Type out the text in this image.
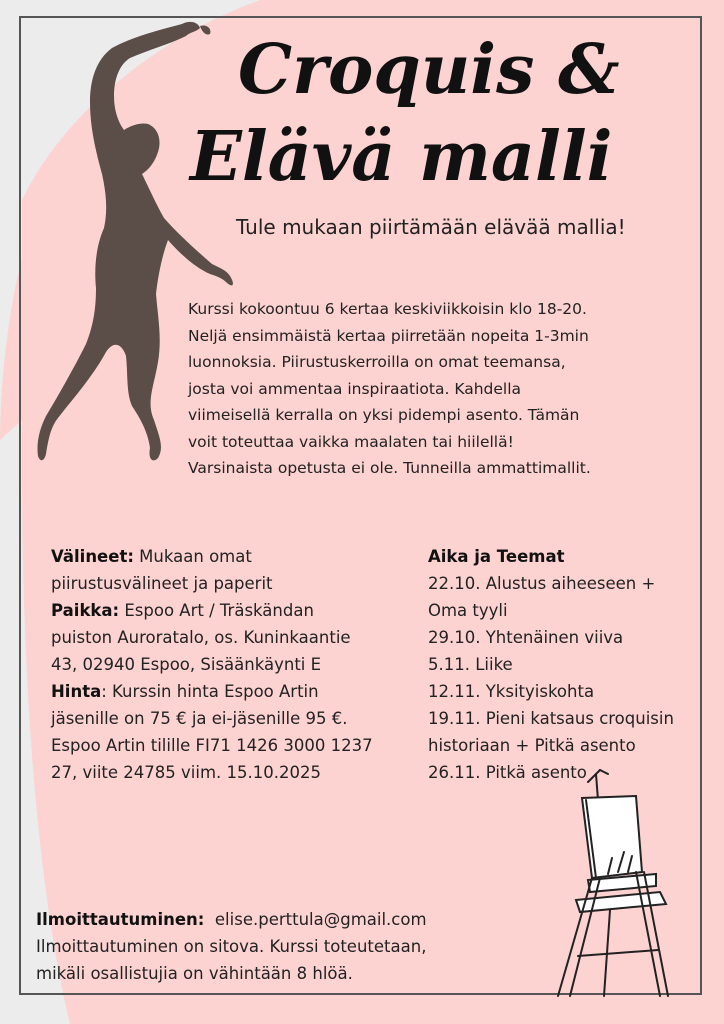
Croquis &
Elävä malli
Tule mukaan piirtämään elävää mallia!

Kurssi kokoontuu 6 kertaa keskiviikkoisin klo 18-20.
Neljä ensimmäistä kertaa piirretään nopeita 1-3min
luonnoksia. Piirustuskerroilla on omat teemansa,
josta voi ammentaa inspiraatiota. Kahdella
viimeisellä kerralla on yksi pidempi asento. Tämän
voit toteuttaa vaikka maalaten tai hiilellä!
Varsinaista opetusta ei ole. Tunneilla ammattimallit.

Välineet: Mukaan omat
piirustusvälineet ja paperit
Paikka: Espoo Art / Träskändan
puiston Auroratalo, os. Kuninkaantie
43, 02940 Espoo, Sisäänkäynti E
Hinta: Kurssin hinta Espoo Artin
jäsenille on 75 € ja ei-jäsenille 95 €.
Espoo Artin tilille FI71 1426 3000 1237
27, viite 24785 viim. 15.10.2025
Aika ja Teemat
22.10. Alustus aiheeseen +
Oma tyyli
29.10. Yhtenäinen viiva
5.11. Liike
12.11. Yksityiskohta
19.11. Pieni katsaus croquisin
historiaan + Pitkä asento
26.11. Pitkä asento
Ilmoittautuminen: elise.perttula@gmail.com
Ilmoittautuminen on sitova. Kurssi toteutetaan,
mikäli osallistujia on vähintään 8 hlöä.
